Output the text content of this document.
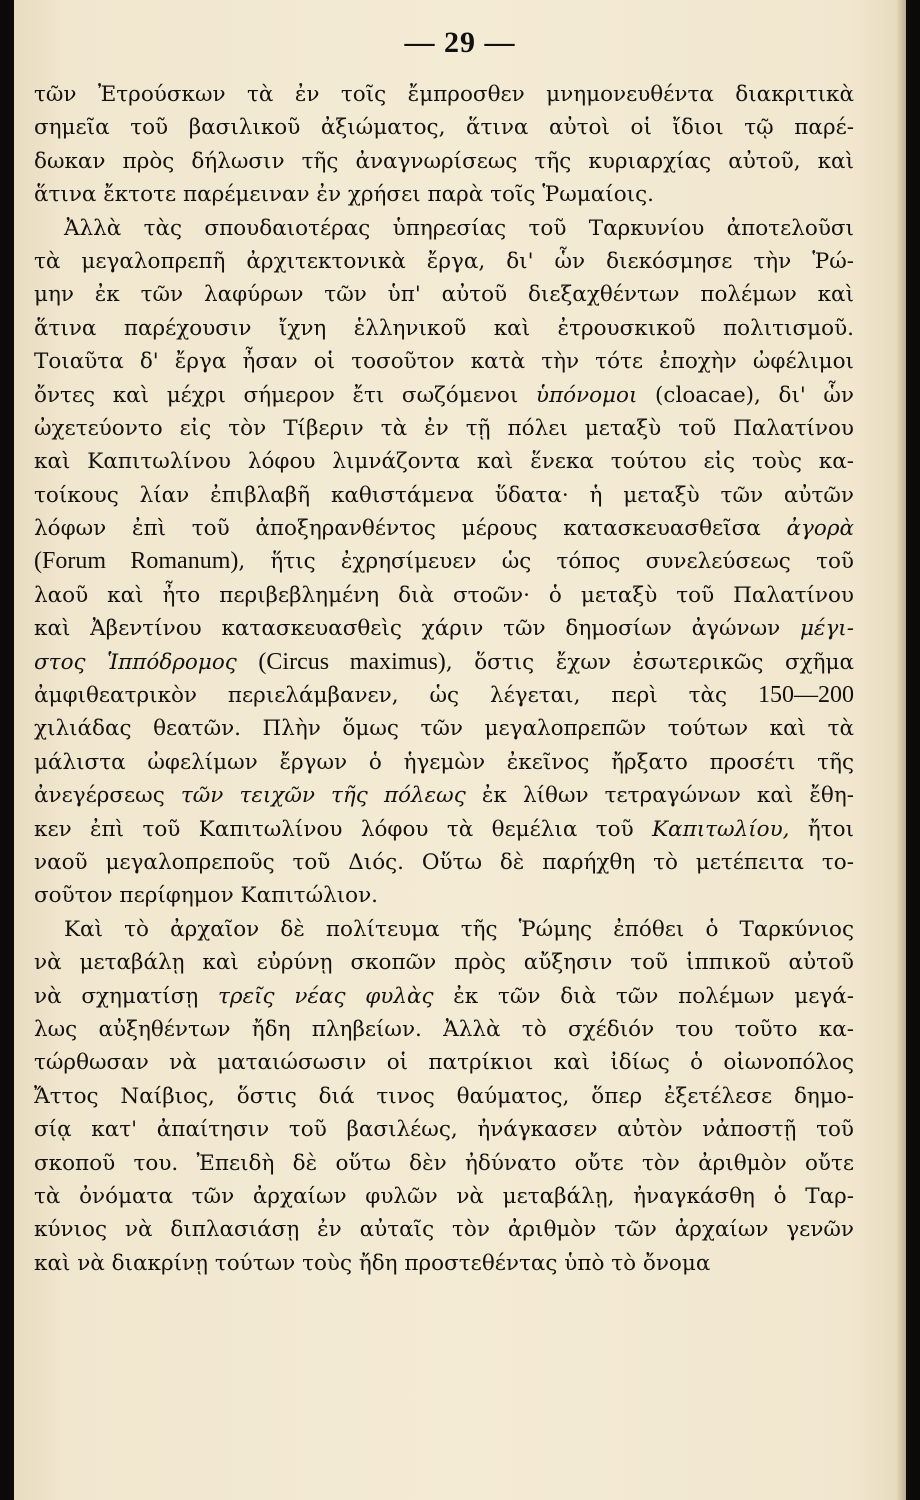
— 29 —
τῶν Ἐτρούσκων τὰ ἐν τοῖς ἔμπροσθεν μνημονευθέντα διακριτικὰ
σημεῖα τοῦ βασιλικοῦ ἀξιώματος, ἅτινα αὐτοὶ οἱ ἴδιοι τῷ παρέ-
δωκαν πρὸς δήλωσιν τῆς ἀναγνωρίσεως τῆς κυριαρχίας αὐτοῦ, καὶ
ἅτινα ἔκτοτε παρέμειναν ἐν χρήσει παρὰ τοῖς Ῥωμαίοις.
Ἀλλὰ τὰς σπουδαιοτέρας ὑπηρεσίας τοῦ Ταρκυνίου ἀποτελοῦσι
τὰ μεγαλοπρεπῆ ἀρχιτεκτονικὰ ἔργα, δι' ὧν διεκόσμησε τὴν Ῥώ-
μην ἐκ τῶν λαφύρων τῶν ὑπ' αὐτοῦ διεξαχθέντων πολέμων καὶ
ἅτινα παρέχουσιν ἴχνη ἑλληνικοῦ καὶ ἐτρουσκικοῦ πολιτισμοῦ.
Τοιαῦτα δ' ἔργα ἦσαν οἱ τοσοῦτον κατὰ τὴν τότε ἐποχὴν ὠφέλιμοι
ὄντες καὶ μέχρι σήμερον ἔτι σωζόμενοι ὑπόνομοι (cloacae), δι' ὧν
ὠχετεύοντο εἰς τὸν Τίβεριν τὰ ἐν τῇ πόλει μεταξὺ τοῦ Παλατίνου
καὶ Καπιτωλίνου λόφου λιμνάζοντα καὶ ἕνεκα τούτου εἰς τοὺς κα-
τοίκους λίαν ἐπιβλαβῆ καθιστάμενα ὕδατα· ἡ μεταξὺ τῶν αὐτῶν
λόφων ἐπὶ τοῦ ἀποξηρανθέντος μέρους κατασκευασθεῖσα ἀγορὰ
(Forum Romanum), ἥτις ἐχρησίμευεν ὡς τόπος συνελεύσεως τοῦ
λαοῦ καὶ ἦτο περιβεβλημένη διὰ στοῶν· ὁ μεταξὺ τοῦ Παλατίνου
καὶ Ἀβεντίνου κατασκευασθεὶς χάριν τῶν δημοσίων ἀγώνων μέγι-
στος Ἱππόδρομος (Circus maximus), ὅστις ἔχων ἐσωτερικῶς σχῆμα
ἀμφιθεατρικὸν περιελάμβανεν, ὡς λέγεται, περὶ τὰς 150—200
χιλιάδας θεατῶν. Πλὴν ὅμως τῶν μεγαλοπρεπῶν τούτων καὶ τὰ
μάλιστα ὠφελίμων ἔργων ὁ ἡγεμὼν ἐκεῖνος ἤρξατο προσέτι τῆς
ἀνεγέρσεως τῶν τειχῶν τῆς πόλεως ἐκ λίθων τετραγώνων καὶ ἔθη-
κεν ἐπὶ τοῦ Καπιτωλίνου λόφου τὰ θεμέλια τοῦ Καπιτωλίου, ἤτοι
ναοῦ μεγαλοπρεποῦς τοῦ Διός. Οὕτω δὲ παρήχθη τὸ μετέπειτα το-
σοῦτον περίφημον Καπιτώλιον.
Καὶ τὸ ἀρχαῖον δὲ πολίτευμα τῆς Ῥώμης ἐπόθει ὁ Ταρκύνιος
νὰ μεταβάλῃ καὶ εὐρύνῃ σκοπῶν πρὸς αὔξησιν τοῦ ἱππικοῦ αὐτοῦ
νὰ σχηματίσῃ τρεῖς νέας φυλὰς ἐκ τῶν διὰ τῶν πολέμων μεγά-
λως αὐξηθέντων ἤδη πληβείων. Ἀλλὰ τὸ σχέδιόν του τοῦτο κα-
τώρθωσαν νὰ ματαιώσωσιν οἱ πατρίκιοι καὶ ἰδίως ὁ οἰωνοπόλος
Ἄττος Ναίβιος, ὅστις διά τινος θαύματος, ὅπερ ἐξετέλεσε δημο-
σίᾳ κατ' ἀπαίτησιν τοῦ βασιλέως, ἠνάγκασεν αὐτὸν νἀποστῇ τοῦ
σκοποῦ του. Ἐπειδὴ δὲ οὕτω δὲν ἠδύνατο οὔτε τὸν ἀριθμὸν οὔτε
τὰ ὀνόματα τῶν ἀρχαίων φυλῶν νὰ μεταβάλῃ, ἠναγκάσθη ὁ Ταρ-
κύνιος νὰ διπλασιάσῃ ἐν αὐταῖς τὸν ἀριθμὸν τῶν ἀρχαίων γενῶν
καὶ νὰ διακρίνῃ τούτων τοὺς ἤδη προστεθέντας ὑπὸ τὸ ὄνομα
